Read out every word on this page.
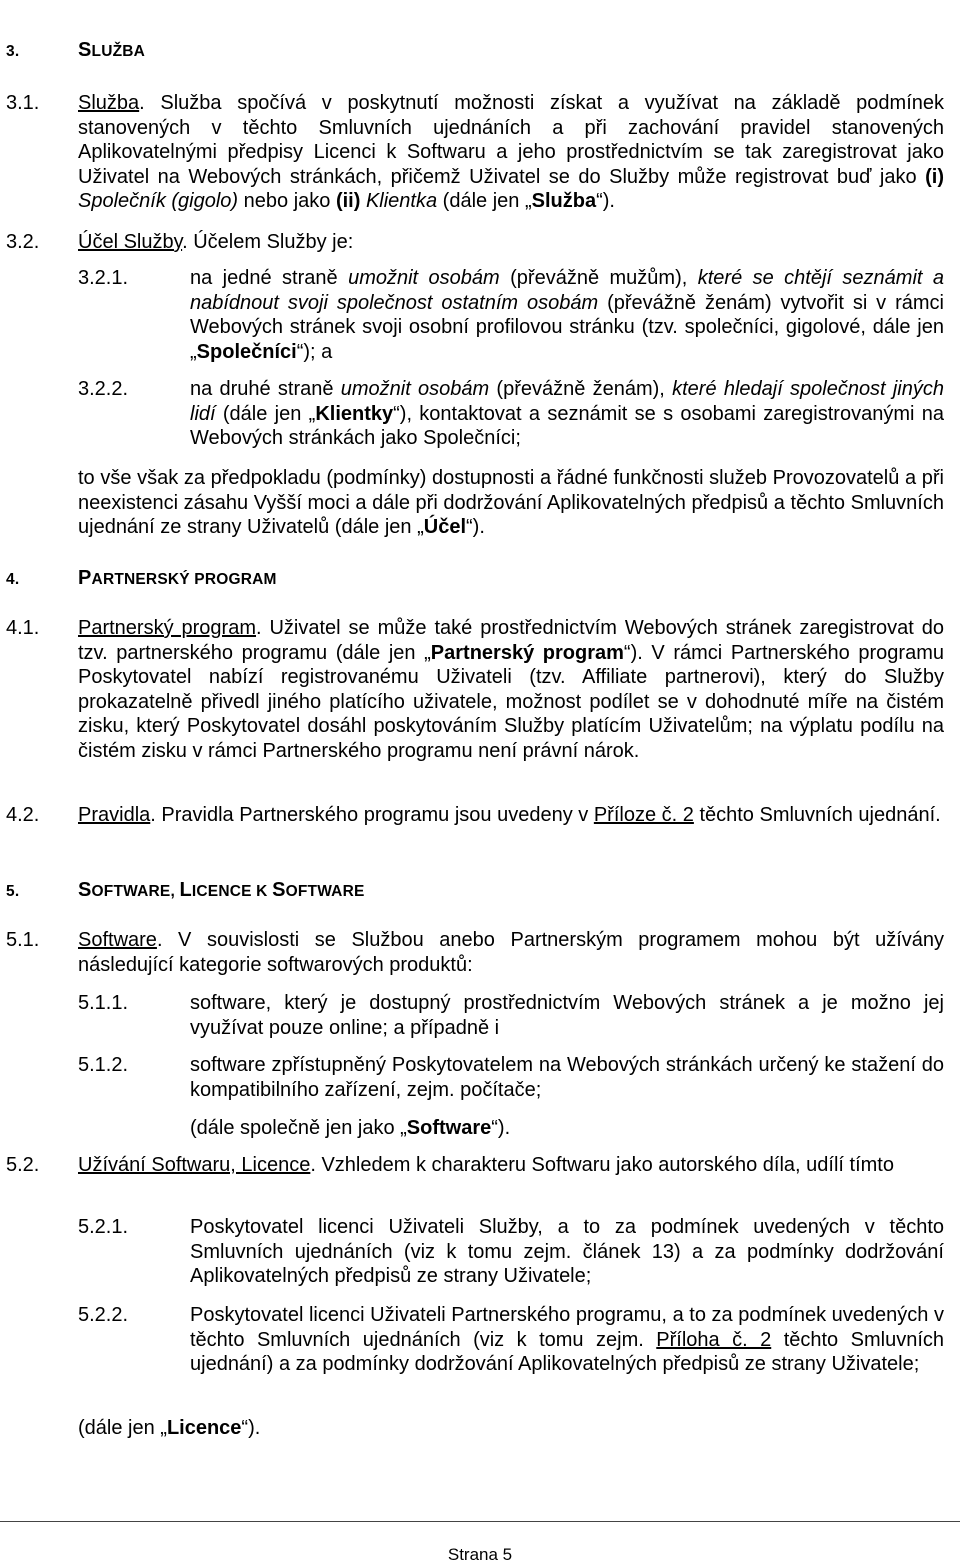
3.	SLUŽBA
3.1. Služba. Služba spočívá v poskytnutí možnosti získat a využívat na základě podmínek stanovených v těchto Smluvních ujednáních a při zachování pravidel stanovených Aplikovatelnými předpisy Licenci k Softwaru a jeho prostřednictvím se tak zaregistrovat jako Uživatel na Webových stránkách, přičemž Uživatel se do Služby může registrovat buď jako (i) Společník (gigolo) nebo jako (ii) Klientka (dále jen „Služba“).
3.2. Účel Služby. Účelem Služby je:
3.2.1.	na jedné straně umožnit osobám (převážně mužům), které se chtějí seznámit a nabídnout svoji společnost ostatním osobám (převážně ženám) vytvořit si v rámci Webových stránek svoji osobní profilovou stránku (tzv. společníci, gigolové, dále jen „Společníci“); a
3.2.2.	na druhé straně umožnit osobám (převážně ženám), které hledají společnost jiných lidí (dále jen „Klientky“), kontaktovat a seznámit se s osobami zaregistrovanými na Webových stránkách jako Společníci;
to vše však za předpokladu (podmínky) dostupnosti a řádné funkčnosti služeb Provozovatelů a při neexistenci zásahu Vyšší moci a dále při dodržování Aplikovatelných předpisů a těchto Smluvních ujednání ze strany Uživatelů (dále jen „Účel“).
4.	PARTNERSKÝ PROGRAM
4.1. Partnerský program. Uživatel se může také prostřednictvím Webových stránek zaregistrovat do tzv. partnerského programu (dále jen „Partnerský program“). V rámci Partnerského programu Poskytovatel nabízí registrovanému Uživateli (tzv. Affiliate partnerovi), který do Služby prokazatelně přivedl jiného platícího uživatele, možnost podílet se v dohodnuté míře na čistém zisku, který Poskytovatel dosáhl poskytováním Služby platícím Uživatelům; na výplatu podílu na čistém zisku v rámci Partnerského programu není právní nárok.
4.2. Pravidla. Pravidla Partnerského programu jsou uvedeny v Příloze č. 2 těchto Smluvních ujednání.
5.	SOFTWARE, LICENCE K SOFTWARE
5.1. Software. V souvislosti se Službou anebo Partnerským programem mohou být užívány následující kategorie softwarových produktů:
5.1.1.	software, který je dostupný prostřednictvím Webových stránek a je možno jej využívat pouze online; a případně i
5.1.2.	software zpřístupněný Poskytovatelem na Webových stránkách určený ke stažení do kompatibilního zařízení, zejm. počítače;
(dále společně jen jako „Software“).
5.2. Užívání Softwaru, Licence. Vzhledem k charakteru Softwaru jako autorského díla, udílí tímto
5.2.1.	Poskytovatel licenci Uživateli Služby, a to za podmínek uvedených v těchto Smluvních ujednáních (viz k tomu zejm. článek 13) a za podmínky dodržování Aplikovatelných předpisů ze strany Uživatele;
5.2.2.	Poskytovatel licenci Uživateli Partnerského programu, a to za podmínek uvedených v těchto Smluvních ujednáních (viz k tomu zejm. Příloha č. 2 těchto Smluvních ujednání) a za podmínky dodržování Aplikovatelných předpisů ze strany Uživatele;
(dále jen „Licence“).
Strana 5
